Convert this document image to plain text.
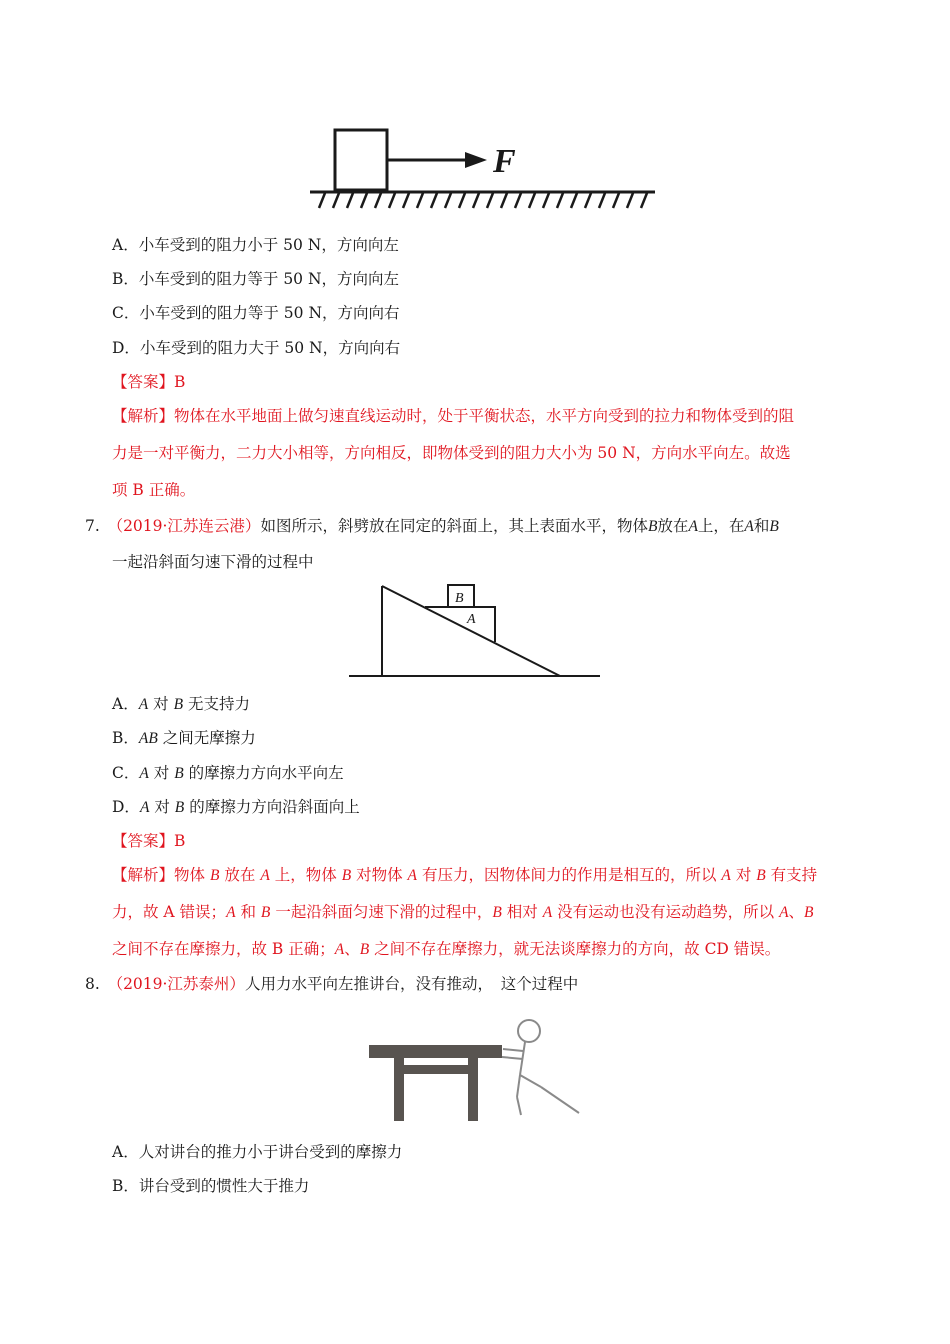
F
A．小车受到的阻力小于 50 N，方向向左
B．小车受到的阻力等于 50 N，方向向左
C．小车受到的阻力等于 50 N，方向向右
D．小车受到的阻力大于 50 N，方向向右
【答案】B
【解析】物体在水平地面上做匀速直线运动时，处于平衡状态，水平方向受到的拉力和物体受到的阻
力是一对平衡力，二力大小相等，方向相反，即物体受到的阻力大小为 50 N，方向水平向左。故选
项 B 正确。
7.　 （2019·江苏连云港）如图所示，斜劈放在同定的斜面上，其上表面水平，物体B放在A上，在A和B
一起沿斜面匀速下滑的过程中
B
A
A．A 对 B 无支持力
B．AB 之间无摩擦力
C．A 对 B 的摩擦力方向水平向左
D．A 对 B 的摩擦力方向沿斜面向上
【答案】B
【解析】物体 B 放在 A 上，物体 B 对物体 A 有压力，因物体间力的作用是相互的，所以 A 对 B 有支持
力，故 A 错误；A 和 B 一起沿斜面匀速下滑的过程中，B 相对 A 没有运动也没有运动趋势，所以 A、B
之间不存在摩擦力，故 B 正确；A、B 之间不存在摩擦力，就无法谈摩擦力的方向，故 CD 错误。
8.　 （2019·江苏泰州）人用力水平向左推讲台，没有推动，　这个过程中
A．人对讲台的推力小于讲台受到的摩擦力
B．讲台受到的惯性大于推力
